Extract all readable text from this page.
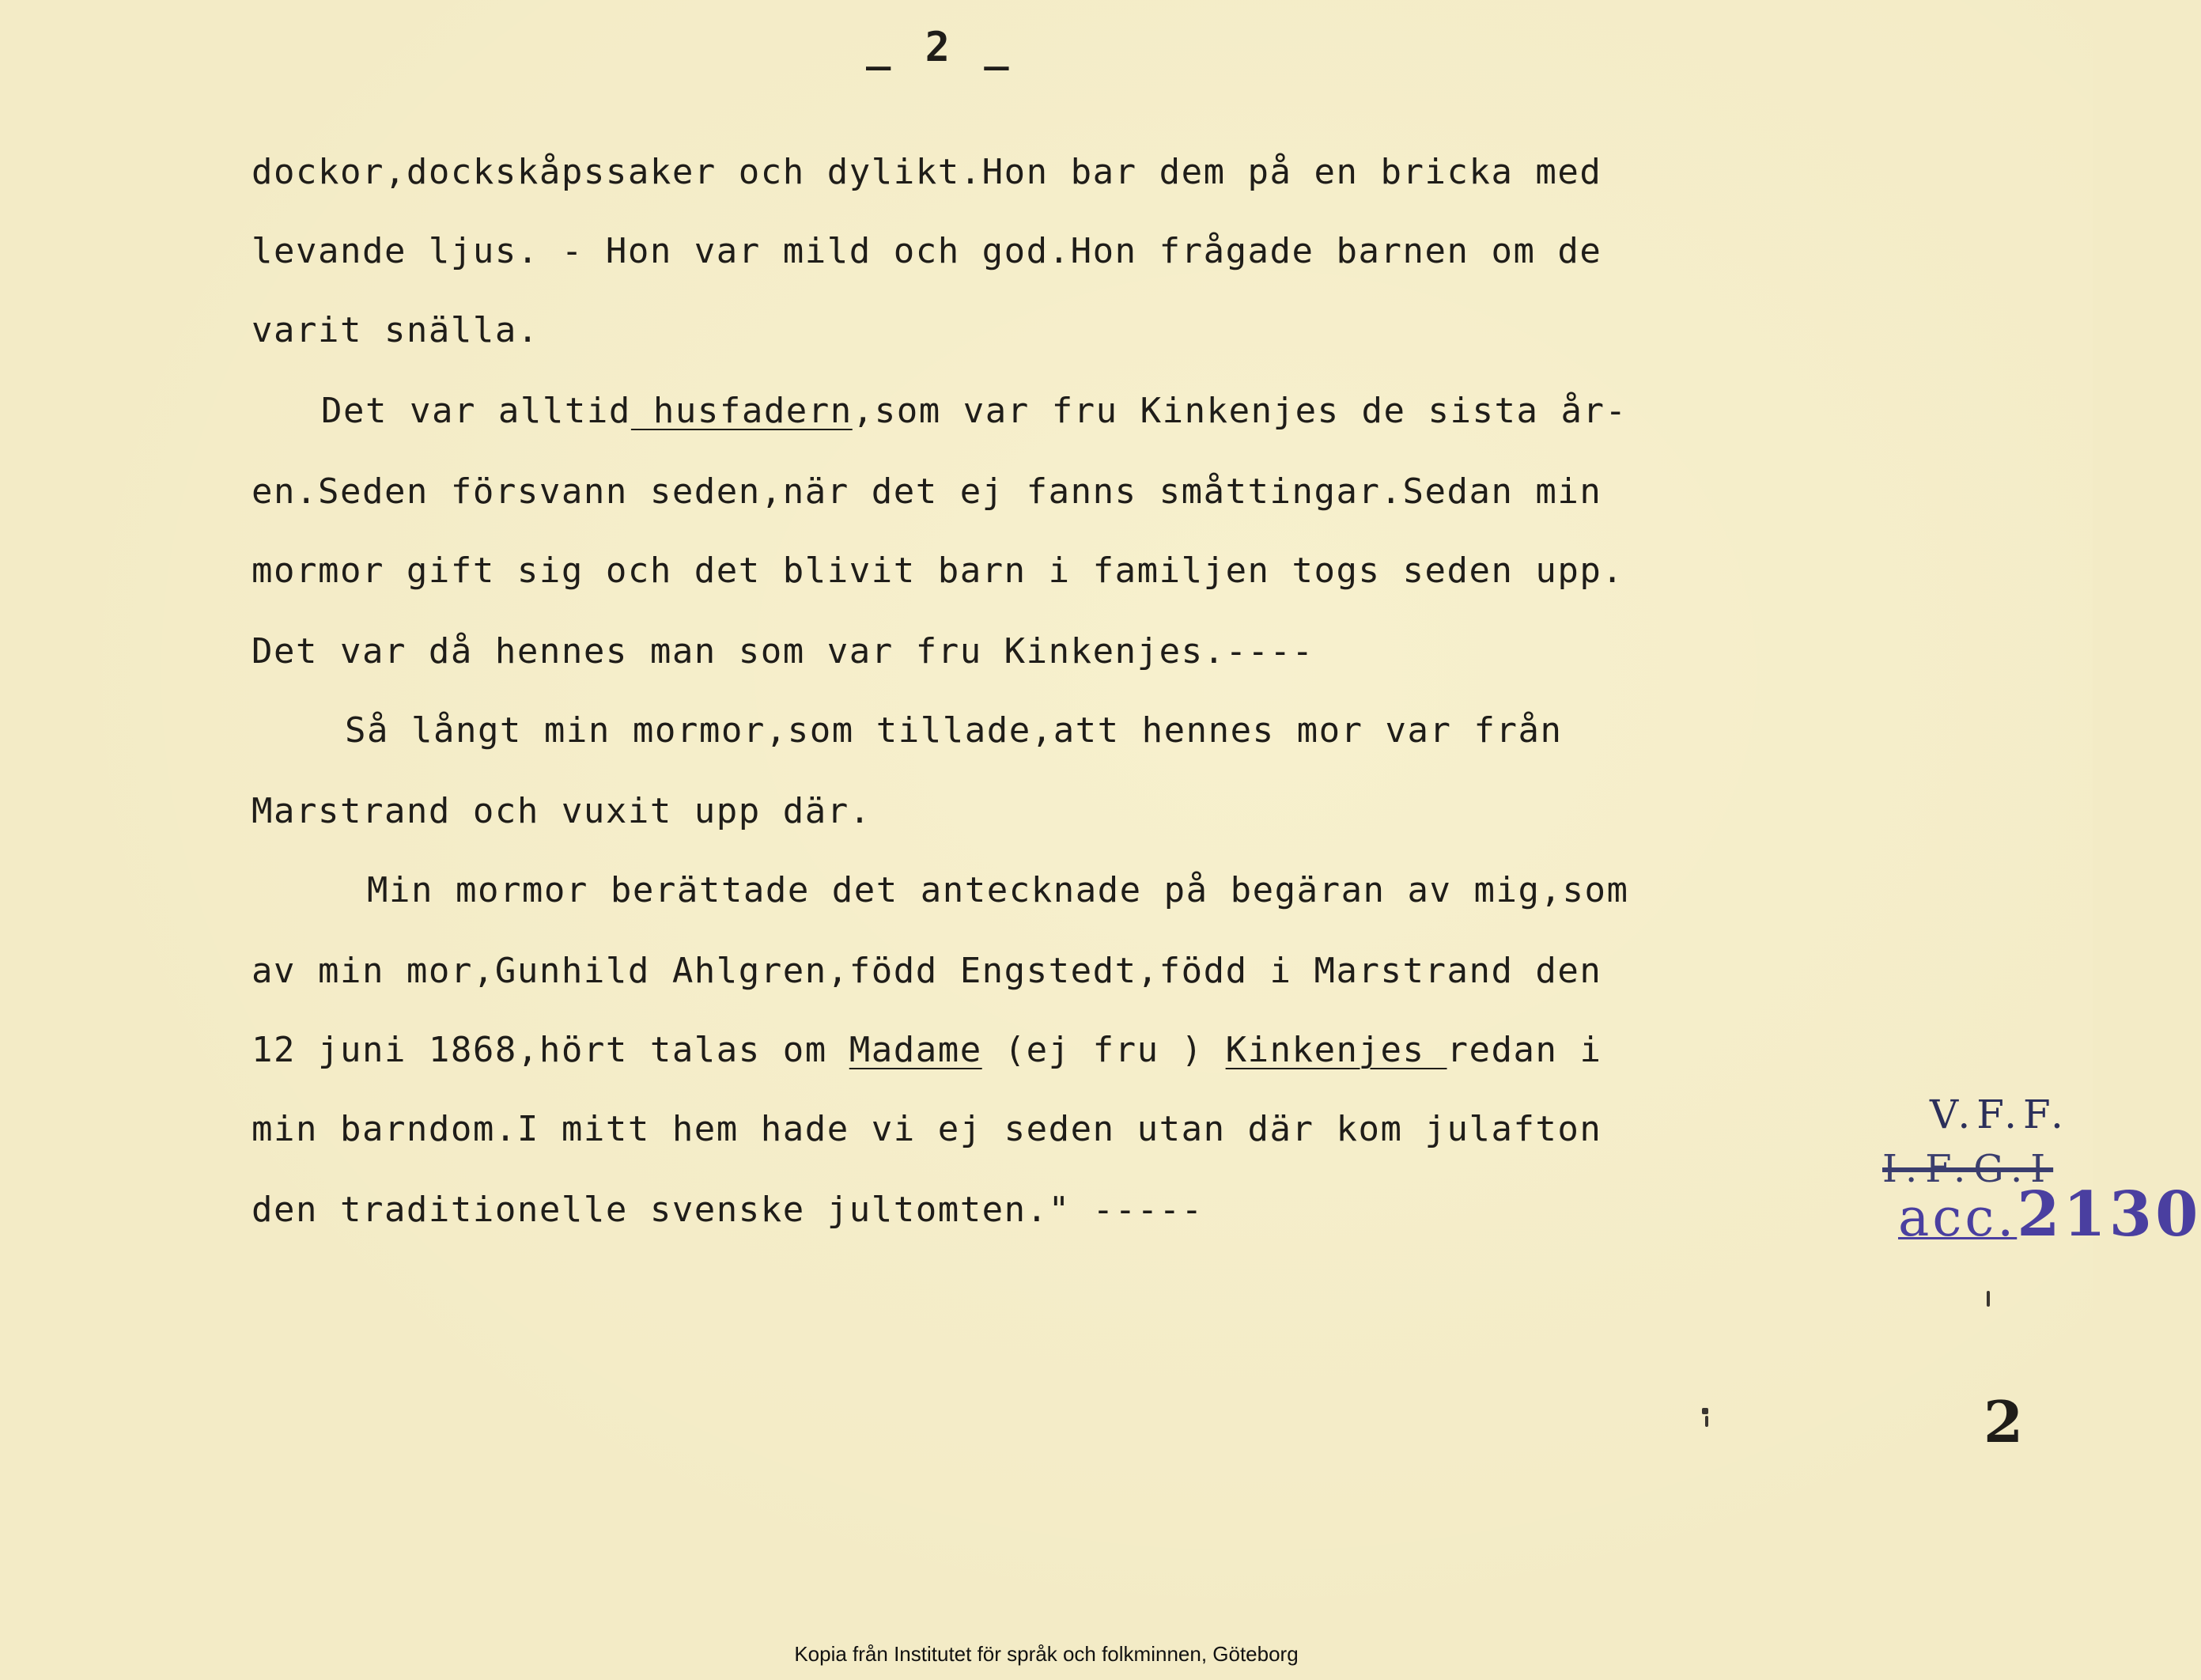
_ 2 _
dockor,dockskåpssaker och dylikt.Hon bar dem på en bricka med
levande ljus. - Hon var mild och god.Hon frågade barnen om de
varit snälla.
Det var alltid husfadern,som var fru Kinkenjes de sista år-
en.Seden försvann seden,när det ej fanns småttingar.Sedan min
mormor gift sig och det blivit barn i familjen togs seden upp.
Det var då hennes man som var fru Kinkenjes.----
Så långt min mormor,som tillade,att hennes mor var från
Marstrand och vuxit upp där.
Min mormor berättade det antecknade på begäran av mig,som
av min mor,Gunhild Ahlgren,född Engstedt,född i Marstrand den
12 juni 1868,hört talas om Madame (ej fru ) Kinkenjes redan i
min barndom.I mitt hem hade vi ej seden utan där kom julafton
den traditionelle svenske jultomten." -----
V.F.F.
I.F.G.I
acc.2130
2
Kopia från Institutet för språk och folkminnen, Göteborg
